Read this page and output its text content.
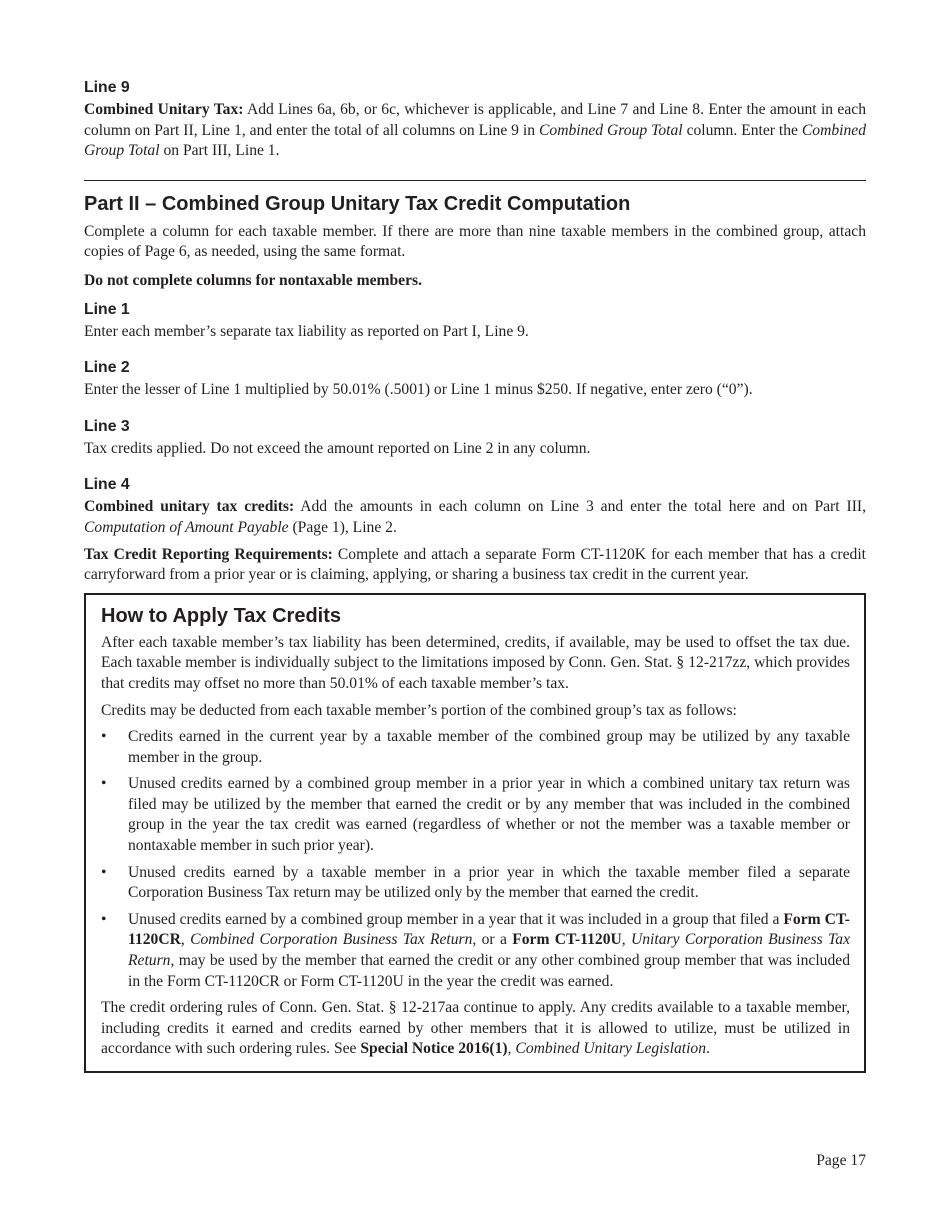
Line 9

Combined Unitary Tax: Add Lines 6a, 6b, or 6c, whichever is applicable, and Line 7 and Line 8. Enter the amount in each column on Part II, Line 1, and enter the total of all columns on Line 9 in Combined Group Total column. Enter the Combined Group Total on Part III, Line 1.

Part II – Combined Group Unitary Tax Credit Computation

Complete a column for each taxable member. If there are more than nine taxable members in the combined group, attach copies of Page 6, as needed, using the same format.

Do not complete columns for nontaxable members.

Line 1

Enter each member’s separate tax liability as reported on Part I, Line 9.

Line 2

Enter the lesser of Line 1 multiplied by 50.01% (.5001) or Line 1 minus $250. If negative, enter zero (“0”).

Line 3

Tax credits applied. Do not exceed the amount reported on Line 2 in any column.

Line 4

Combined unitary tax credits: Add the amounts in each column on Line 3 and enter the total here and on Part III, Computation of Amount Payable (Page 1), Line 2.

Tax Credit Reporting Requirements: Complete and attach a separate Form CT-1120K for each member that has a credit carryforward from a prior year or is claiming, applying, or sharing a business tax credit in the current year.

How to Apply Tax Credits

After each taxable member’s tax liability has been determined, credits, if available, may be used to offset the tax due. Each taxable member is individually subject to the limitations imposed by Conn. Gen. Stat. § 12-217zz, which provides that credits may offset no more than 50.01% of each taxable member’s tax.

Credits may be deducted from each taxable member’s portion of the combined group’s tax as follows:

• Credits earned in the current year by a taxable member of the combined group may be utilized by any taxable member in the group.
• Unused credits earned by a combined group member in a prior year in which a combined unitary tax return was filed may be utilized by the member that earned the credit or by any member that was included in the combined group in the year the tax credit was earned (regardless of whether or not the member was a taxable member or nontaxable member in such prior year).
• Unused credits earned by a taxable member in a prior year in which the taxable member filed a separate Corporation Business Tax return may be utilized only by the member that earned the credit.
• Unused credits earned by a combined group member in a year that it was included in a group that filed a Form CT-1120CR, Combined Corporation Business Tax Return, or a Form CT-1120U, Unitary Corporation Business Tax Return, may be used by the member that earned the credit or any other combined group member that was included in the Form CT-1120CR or Form CT-1120U in the year the credit was earned.

The credit ordering rules of Conn. Gen. Stat. § 12-217aa continue to apply. Any credits available to a taxable member, including credits it earned and credits earned by other members that it is allowed to utilize, must be utilized in accordance with such ordering rules. See Special Notice 2016(1), Combined Unitary Legislation.

Page 17
